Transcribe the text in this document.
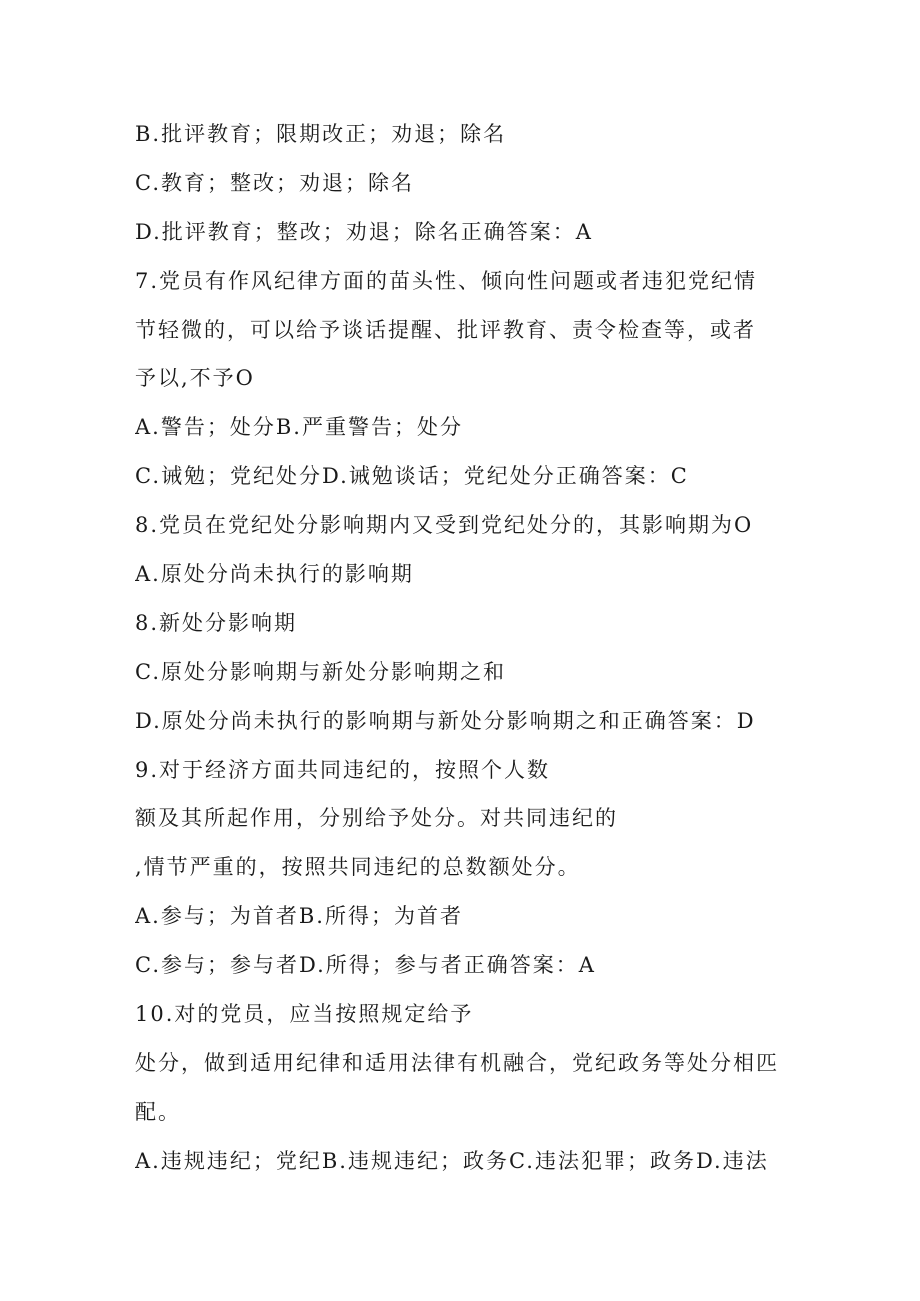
B.批评教育；限期改正；劝退；除名
C.教育；整改；劝退；除名
D.批评教育；整改；劝退；除名正确答案：A
7.党员有作风纪律方面的苗头性、倾向性问题或者违犯党纪情
节轻微的，可以给予谈话提醒、批评教育、责令检查等，或者
予以,不予O
A.警告；处分B.严重警告；处分
C.诫勉；党纪处分D.诫勉谈话；党纪处分正确答案：C
8.党员在党纪处分影响期内又受到党纪处分的，其影响期为O
A.原处分尚未执行的影响期
8.新处分影响期
C.原处分影响期与新处分影响期之和
D.原处分尚未执行的影响期与新处分影响期之和正确答案：D
9.对于经济方面共同违纪的，按照个人数
额及其所起作用，分别给予处分。对共同违纪的
,情节严重的，按照共同违纪的总数额处分。
A.参与；为首者B.所得；为首者
C.参与；参与者D.所得；参与者正确答案：A
10.对的党员，应当按照规定给予
处分，做到适用纪律和适用法律有机融合，党纪政务等处分相匹
配。
A.违规违纪；党纪B.违规违纪；政务C.违法犯罪；政务D.违法
